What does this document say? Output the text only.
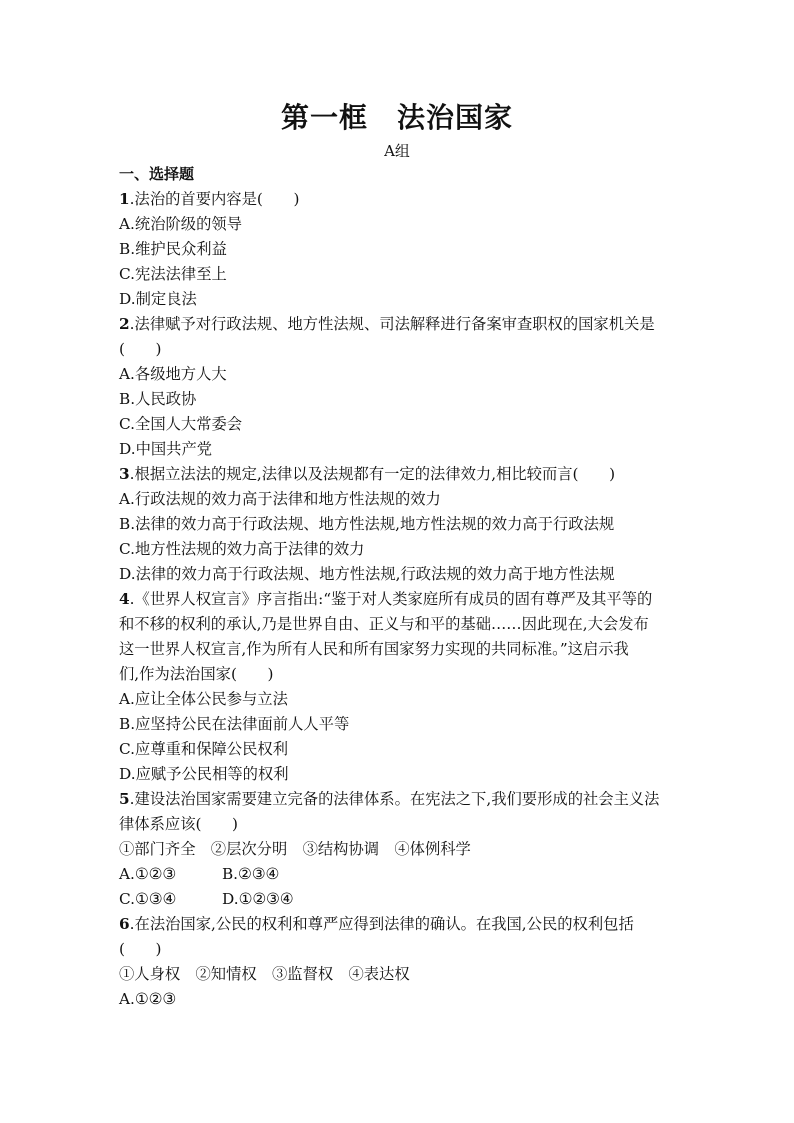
第一框　法治国家
A组
一、选择题
1.法治的首要内容是(　　)
A.统治阶级的领导
B.维护民众利益
C.宪法法律至上
D.制定良法
2.法律赋予对行政法规、地方性法规、司法解释进行备案审查职权的国家机关是
(　　)
A.各级地方人大
B.人民政协
C.全国人大常委会
D.中国共产党
3.根据立法法的规定,法律以及法规都有一定的法律效力,相比较而言(　　)
A.行政法规的效力高于法律和地方性法规的效力
B.法律的效力高于行政法规、地方性法规,地方性法规的效力高于行政法规
C.地方性法规的效力高于法律的效力
D.法律的效力高于行政法规、地方性法规,行政法规的效力高于地方性法规
4.《世界人权宣言》序言指出:“鉴于对人类家庭所有成员的固有尊严及其平等的
和不移的权利的承认,乃是世界自由、正义与和平的基础……因此现在,大会发布
这一世界人权宣言,作为所有人民和所有国家努力实现的共同标准。”这启示我
们,作为法治国家(　　)
A.应让全体公民参与立法
B.应坚持公民在法律面前人人平等
C.应尊重和保障公民权利
D.应赋予公民相等的权利
5.建设法治国家需要建立完备的法律体系。在宪法之下,我们要形成的社会主义法
律体系应该(　　)
①部门齐全　②层次分明　③结构协调　④体例科学
A.①②③　　　B.②③④
C.①③④　　　D.①②③④
6.在法治国家,公民的权利和尊严应得到法律的确认。在我国,公民的权利包括
(　　)
①人身权　②知情权　③监督权　④表达权
A.①②③
